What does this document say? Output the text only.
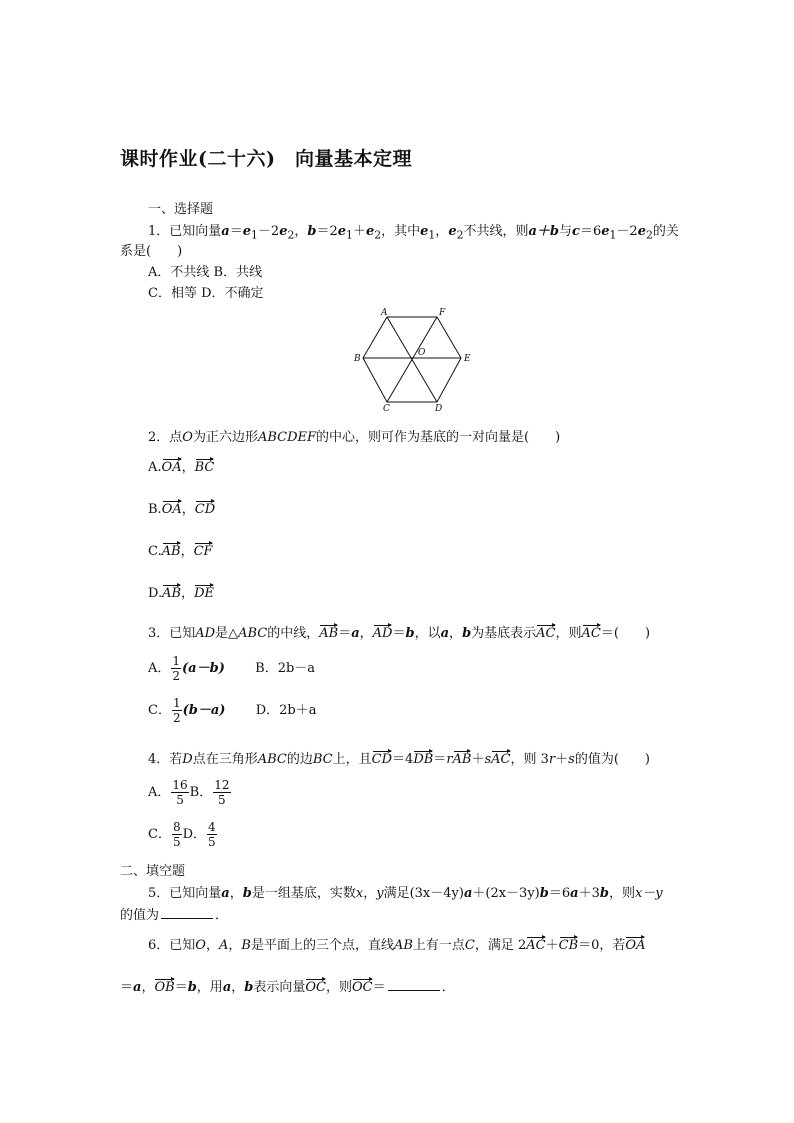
课时作业(二十六)　向量基本定理
一、选择题
1．已知向量$a=e_1-2e_2$，$b=2e_1+e_2$，其中$e_1$，$e_2$不共线，则a＋b与$c=6e_1-2e_2$的关
系是(　　)
A．不共线 B．共线
C．相等 D．不确定
A	F
B	E
C	D
O
2．点O为正六边形ABCDEF的中心，则可作为基底的一对向量是(　　)
A.OA，BC
B.OA，CD
C.AB，CF
D.AB，DE
3．已知AD是△ABC的中线，AB＝a，AD＝b，以a，b为基底表示AC，则AC＝(　　)
A． $\frac{1}{2} (a-b)$ B．2b－a
C． $\frac{1}{2} (b-a)$ D．2b＋a
4．若D点在三角形ABC的边BC上，且CD＝4DB＝rAB＋sAC，则 3r＋s的值为(　　)
A． $\frac{16}{5}$ B． $\frac{12}{5}$
C． $\frac{8}{5}$ D． $\frac{4}{5}$
二、填空题
5．已知向量a，b是一组基底，实数x，y满足(3x－4y)a＋(2x－3y)b＝6a＋3b，则x－y
的值为	．
6．已知O，A，B是平面上的三个点，直线AB上有一点C，满足 2AC＋CB＝0，若OA
＝a，OB＝b，用a，b表示向量OC，则OC＝	．
